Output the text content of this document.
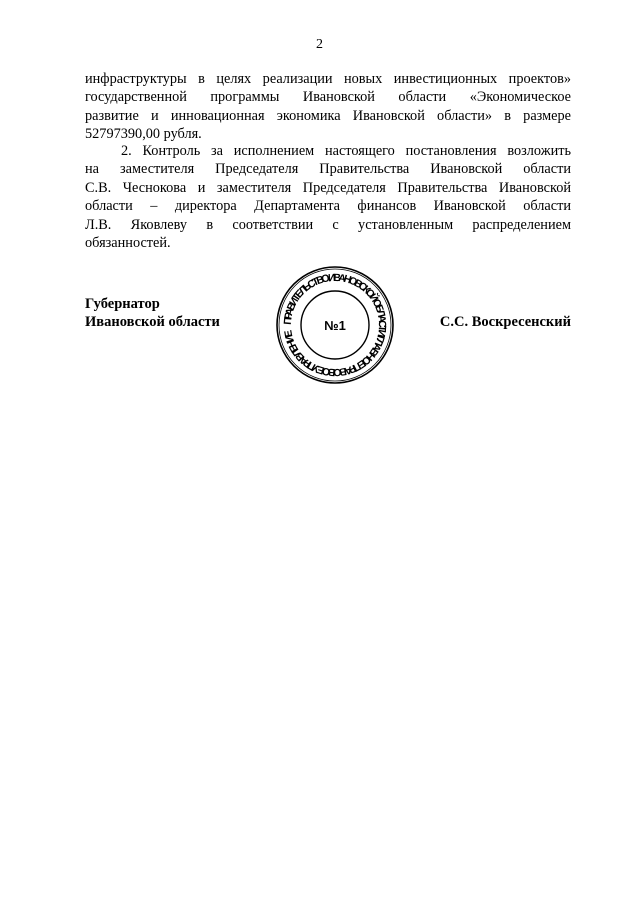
2
инфраструктуры в целях реализации новых инвестиционных проектов»
государственной программы Ивановской области «Экономическое
развитие и инновационная экономика Ивановской области» в размере
52797390,00 рубля.
2. Контроль за исполнением настоящего постановления возложить
на заместителя Председателя Правительства Ивановской области
С.В. Чеснокова и заместителя Председателя Правительства Ивановской
области – директора Департамента финансов Ивановской области
Л.В. Яковлеву в соответствии с установленным распределением
обязанностей.
Губернатор
Ивановской области	ПРАВИТЕЛЬСТВО ИВАНОВСКОЙ ОБЛАСТИ ГЛАВНОЕ ПРАВОВОЕ УПРАВЛЕНИЕ
№1	С.С. Воскресенский
